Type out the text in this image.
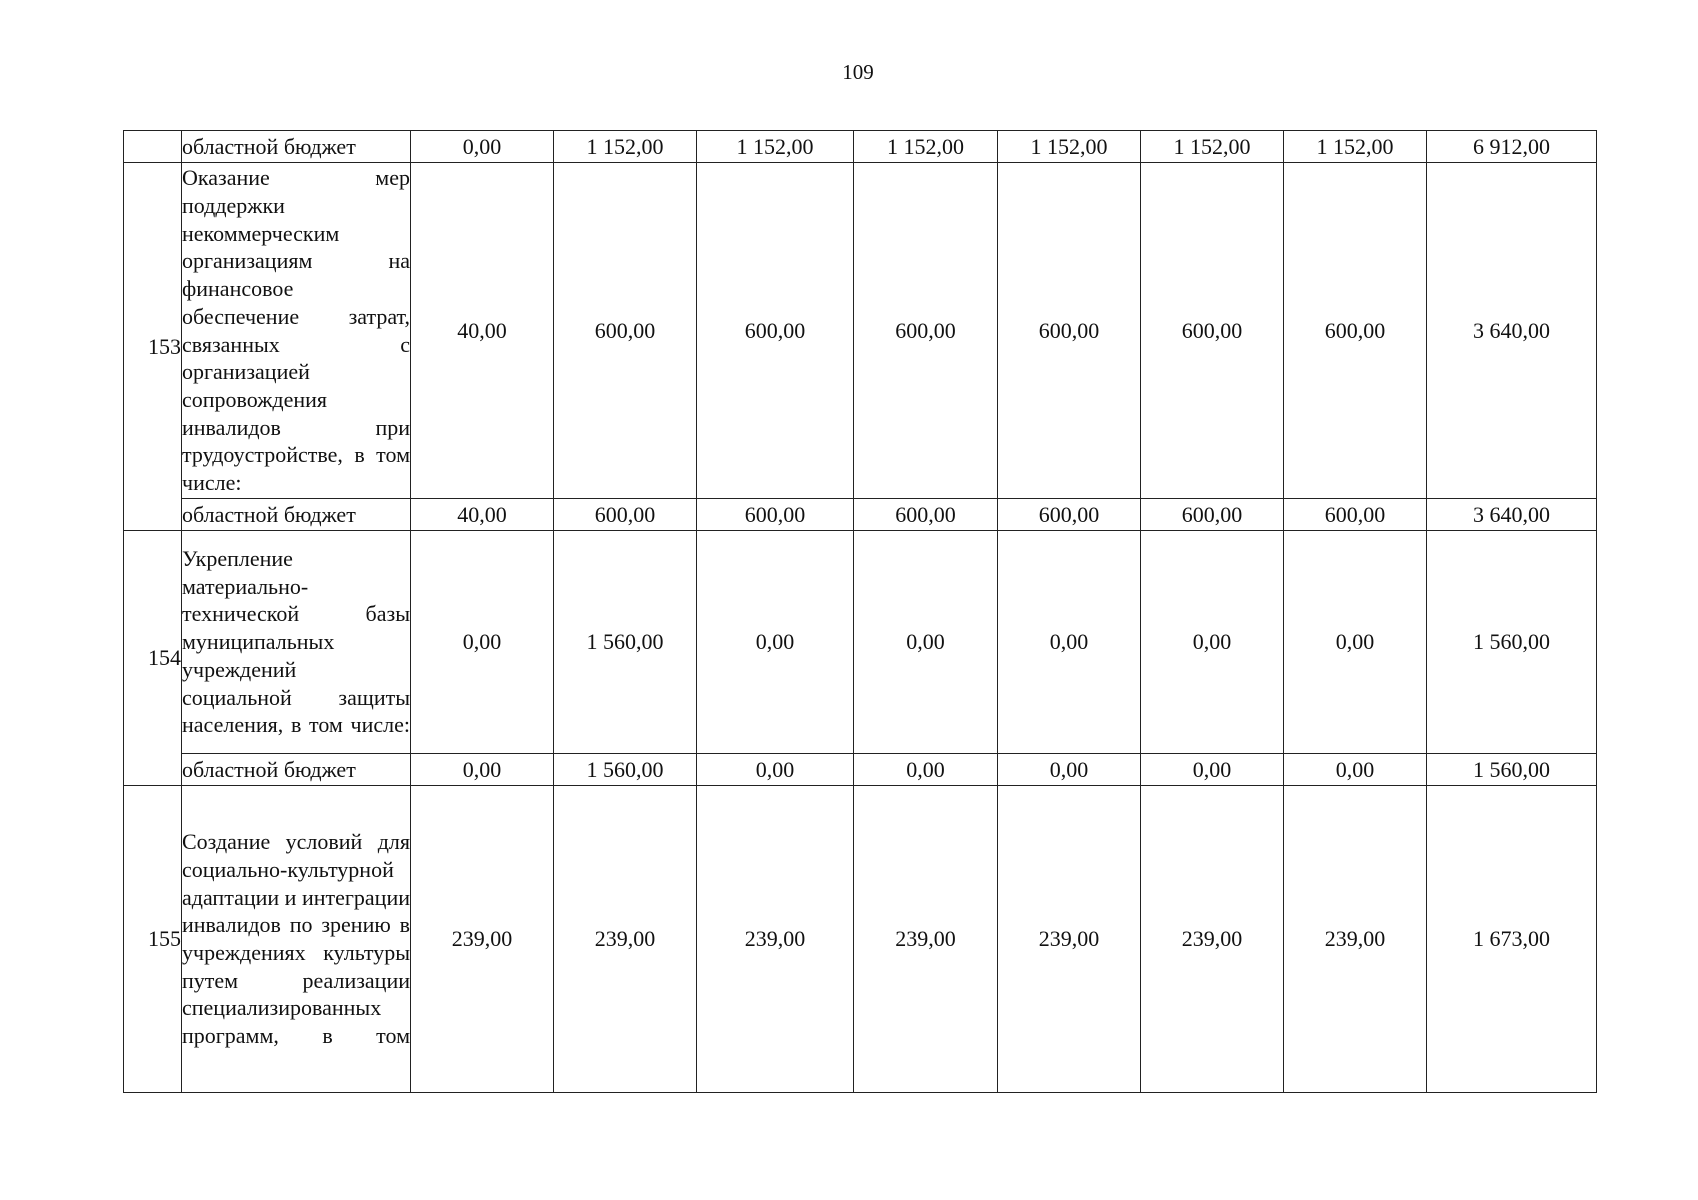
109
	областной бюджет	0,00	1 152,00	1 152,00	1 152,00	1 152,00	1 152,00	1 152,00	6 912,00
153	Оказание мер поддержки некоммерческим организациям на финансовое обеспечение затрат, связанных с организацией сопровождения инвалидов при трудоустройстве, в том числе:	40,00	600,00	600,00	600,00	600,00	600,00	600,00	3 640,00
	областной бюджет	40,00	600,00	600,00	600,00	600,00	600,00	600,00	3 640,00
154	Укрепление материально-технической базы муниципальных учреждений социальной защиты населения, в том числе:	0,00	1 560,00	0,00	0,00	0,00	0,00	0,00	1 560,00
	областной бюджет	0,00	1 560,00	0,00	0,00	0,00	0,00	0,00	1 560,00
155	Создание условий для социально-культурной адаптации и интеграции инвалидов по зрению в учреждениях культуры путем реализации специализированных программ, в том	239,00	239,00	239,00	239,00	239,00	239,00	239,00	1 673,00
